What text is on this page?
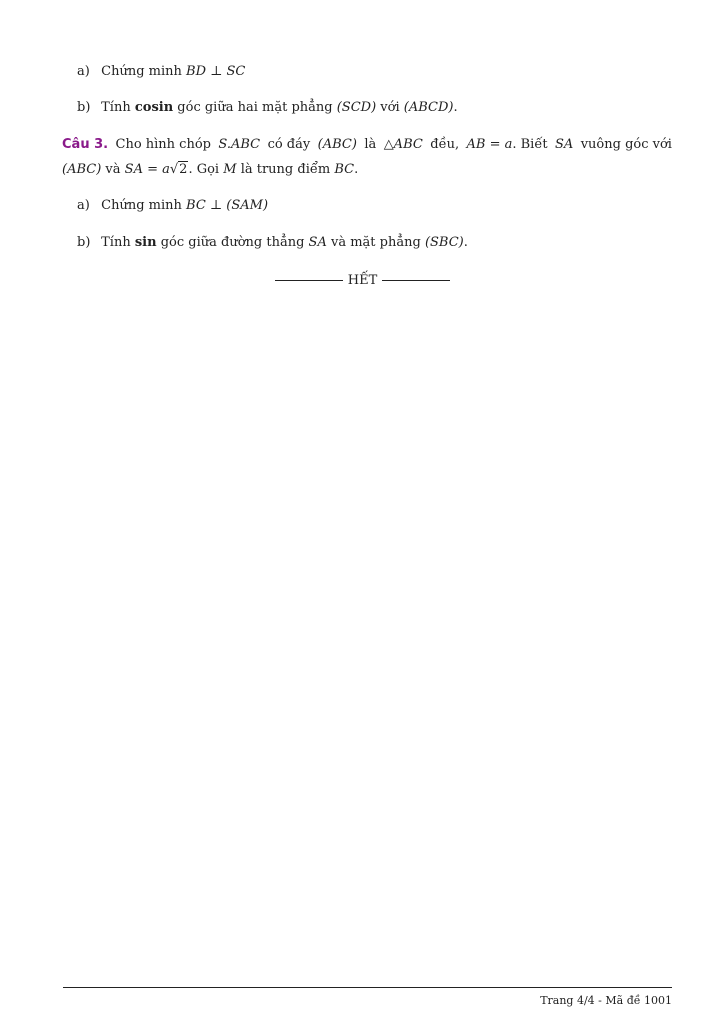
a) Chứng minh BD ⊥ SC
b) Tính cosin góc giữa hai mặt phẳng (SCD) với (ABCD).
Câu 3. Cho hình chóp S.ABC có đáy (ABC) là △ABC đều, AB = a. Biết SA vuông góc với
(ABC) và SA = a√2. Gọi M là trung điểm BC.
a) Chứng minh BC ⊥ (SAM)
b) Tính sin góc giữa đường thẳng SA và mặt phẳng (SBC).
HẾT
Trang 4/4 - Mã đề 1001
